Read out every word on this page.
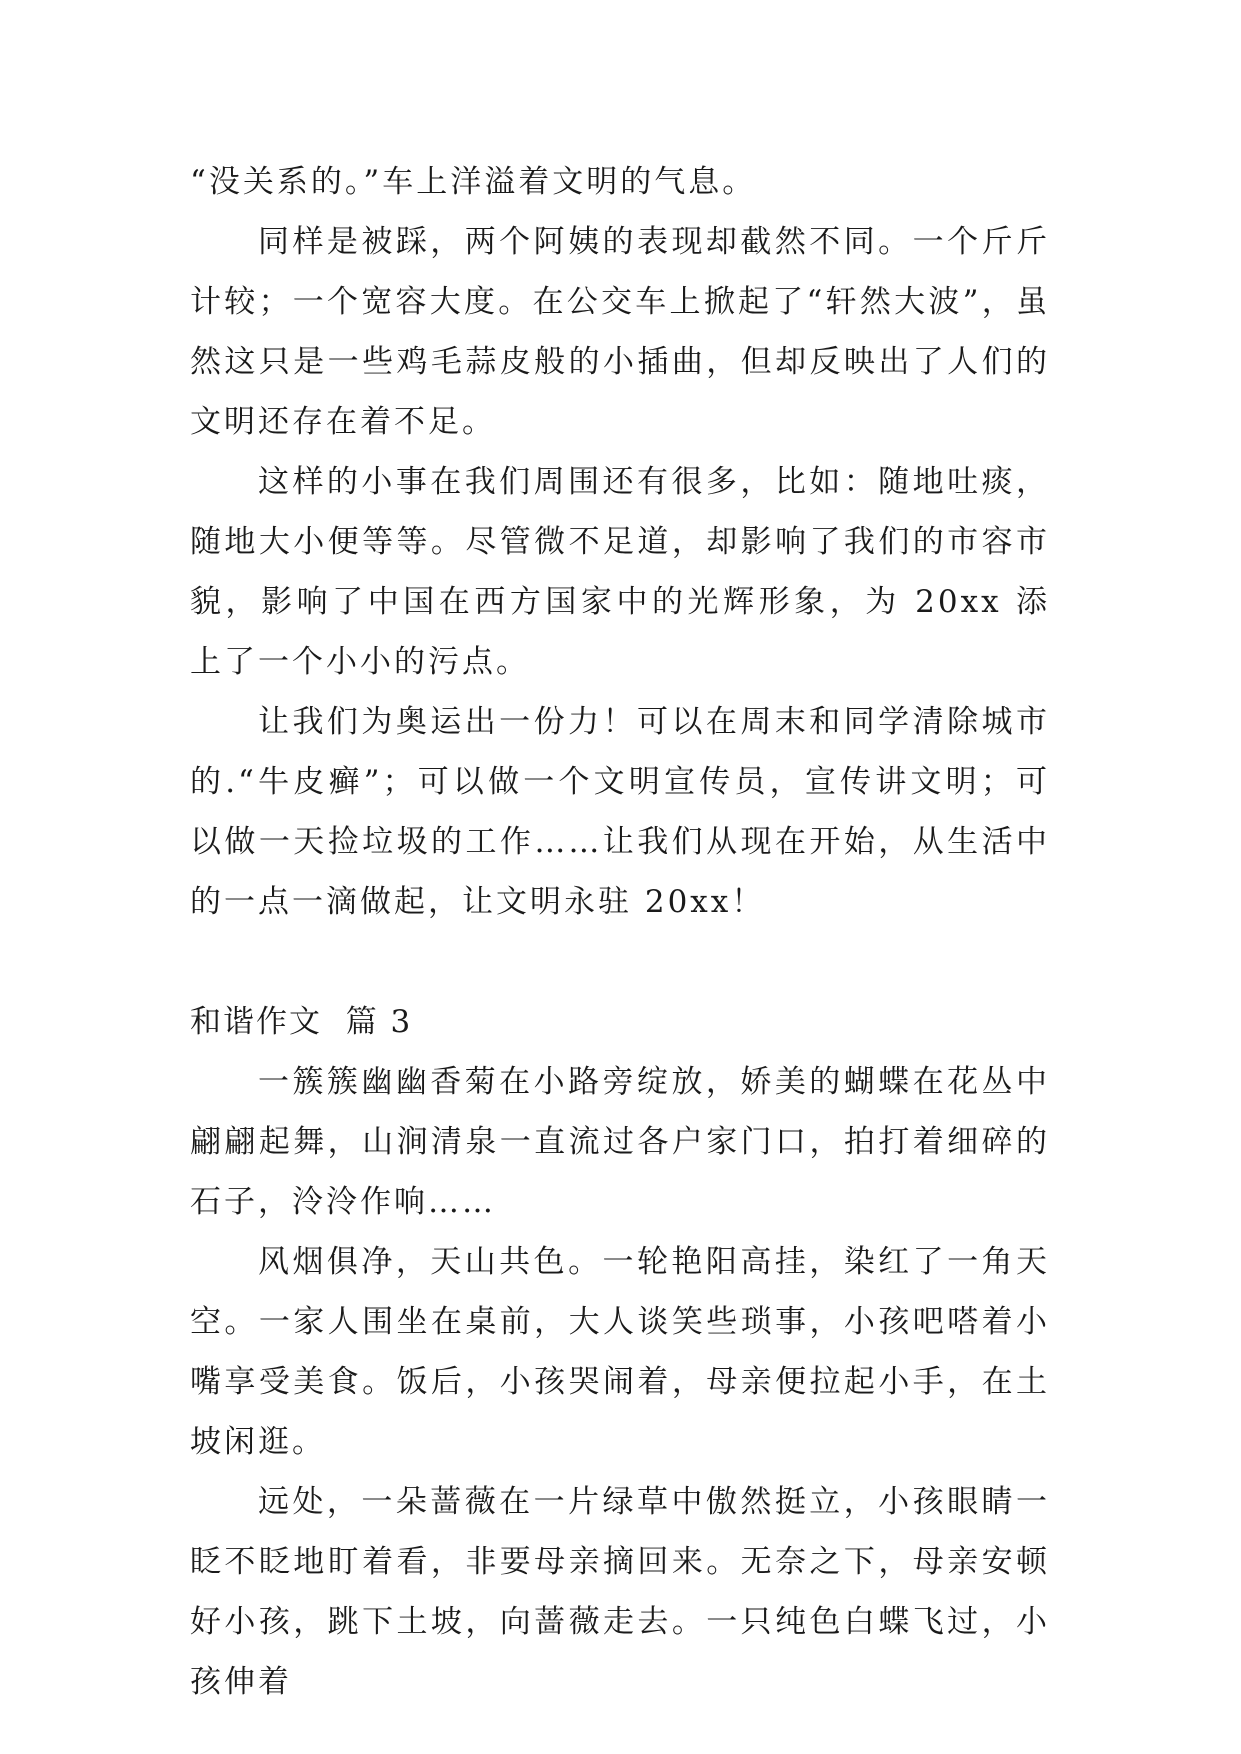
“没关系的。”车上洋溢着文明的气息。

同样是被踩，两个阿姨的表现却截然不同。一个斤斤计较；一个宽容大度。在公交车上掀起了“轩然大波”，虽然这只是一些鸡毛蒜皮般的小插曲，但却反映出了人们的文明还存在着不足。

这样的小事在我们周围还有很多，比如：随地吐痰，随地大小便等等。尽管微不足道，却影响了我们的市容市貌，影响了中国在西方国家中的光辉形象，为 20xx 添上了一个小小的污点。

让我们为奥运出一份力！可以在周末和同学清除城市的.“牛皮癣”；可以做一个文明宣传员，宣传讲文明；可以做一天捡垃圾的工作……让我们从现在开始，从生活中的一点一滴做起，让文明永驻 20xx！

和谐作文  篇 3

一簇簇幽幽香菊在小路旁绽放，娇美的蝴蝶在花丛中翩翩起舞，山涧清泉一直流过各户家门口，拍打着细碎的石子，泠泠作响……

风烟俱净，天山共色。一轮艳阳高挂，染红了一角天空。一家人围坐在桌前，大人谈笑些琐事，小孩吧嗒着小嘴享受美食。饭后，小孩哭闹着，母亲便拉起小手，在土坡闲逛。

远处，一朵蔷薇在一片绿草中傲然挺立，小孩眼睛一眨不眨地盯着看，非要母亲摘回来。无奈之下，母亲安顿好小孩，跳下土坡，向蔷薇走去。一只纯色白蝶飞过，小孩伸着
